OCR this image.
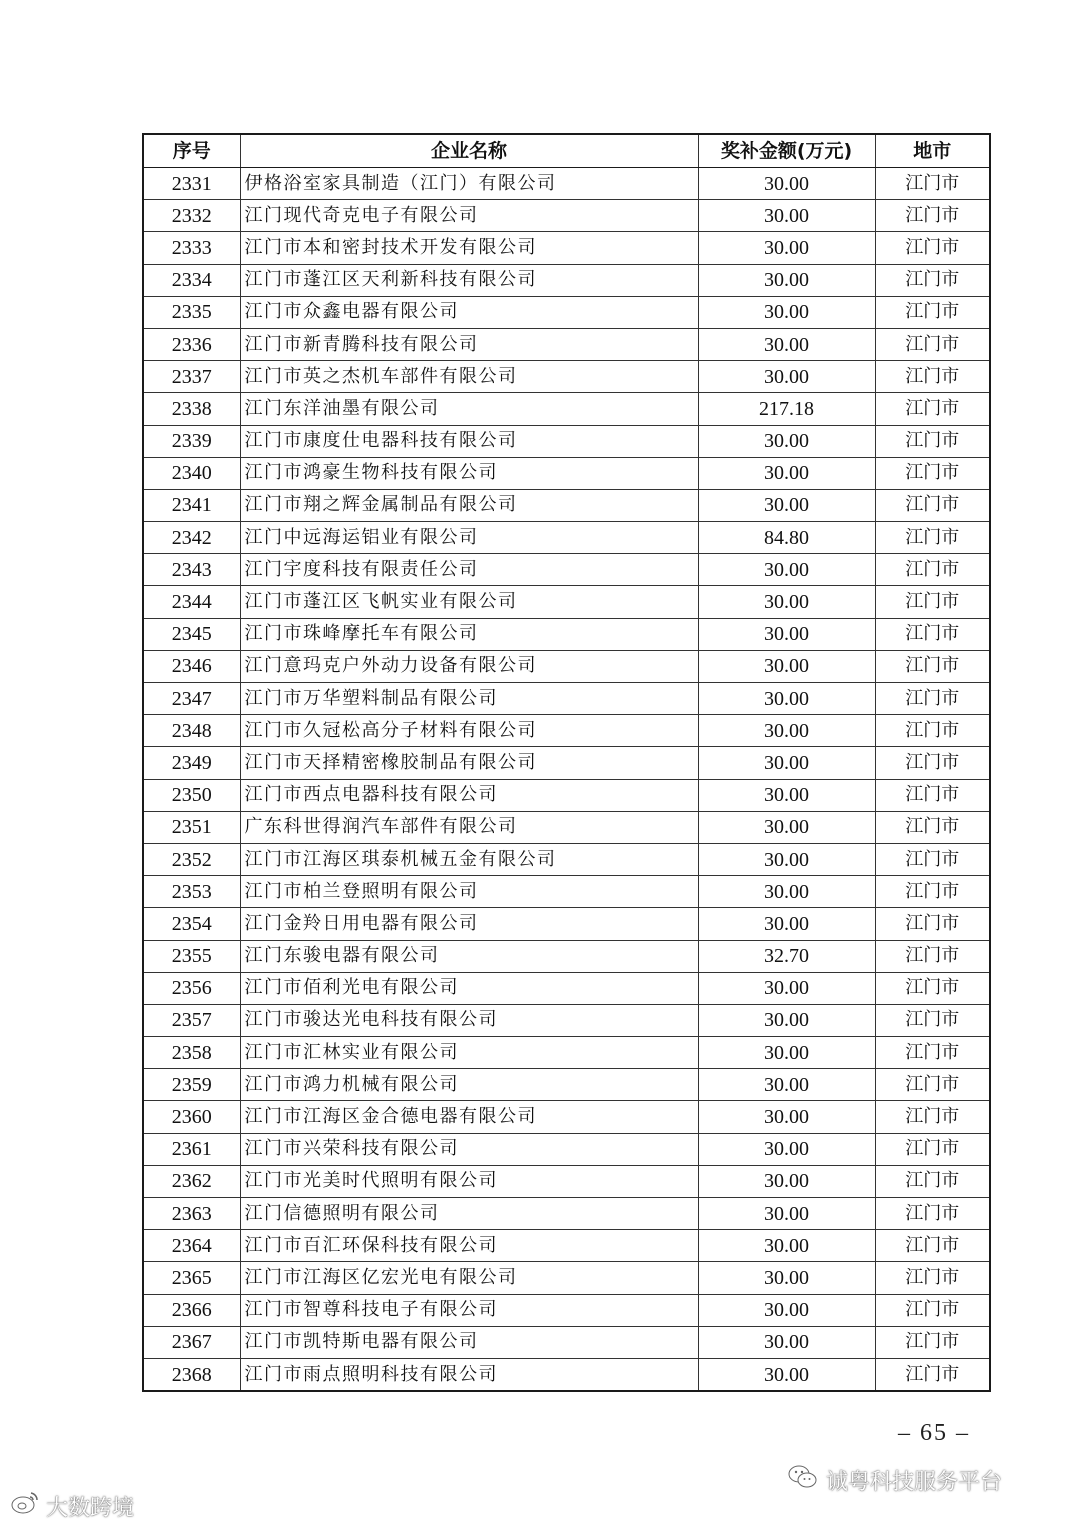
序号	企业名称	奖补金额(万元)	地市
2331	伊格浴室家具制造（江门）有限公司	30.00	江门市
2332	江门现代奇克电子有限公司	30.00	江门市
2333	江门市本和密封技术开发有限公司	30.00	江门市
2334	江门市蓬江区天利新科技有限公司	30.00	江门市
2335	江门市众鑫电器有限公司	30.00	江门市
2336	江门市新青腾科技有限公司	30.00	江门市
2337	江门市英之杰机车部件有限公司	30.00	江门市
2338	江门东洋油墨有限公司	217.18	江门市
2339	江门市康度仕电器科技有限公司	30.00	江门市
2340	江门市鸿豪生物科技有限公司	30.00	江门市
2341	江门市翔之辉金属制品有限公司	30.00	江门市
2342	江门中远海运铝业有限公司	84.80	江门市
2343	江门宇度科技有限责任公司	30.00	江门市
2344	江门市蓬江区飞帆实业有限公司	30.00	江门市
2345	江门市珠峰摩托车有限公司	30.00	江门市
2346	江门意玛克户外动力设备有限公司	30.00	江门市
2347	江门市万华塑料制品有限公司	30.00	江门市
2348	江门市久冠松高分子材料有限公司	30.00	江门市
2349	江门市天择精密橡胶制品有限公司	30.00	江门市
2350	江门市西点电器科技有限公司	30.00	江门市
2351	广东科世得润汽车部件有限公司	30.00	江门市
2352	江门市江海区琪泰机械五金有限公司	30.00	江门市
2353	江门市柏兰登照明有限公司	30.00	江门市
2354	江门金羚日用电器有限公司	30.00	江门市
2355	江门东骏电器有限公司	32.70	江门市
2356	江门市佰利光电有限公司	30.00	江门市
2357	江门市骏达光电科技有限公司	30.00	江门市
2358	江门市汇林实业有限公司	30.00	江门市
2359	江门市鸿力机械有限公司	30.00	江门市
2360	江门市江海区金合德电器有限公司	30.00	江门市
2361	江门市兴荣科技有限公司	30.00	江门市
2362	江门市光美时代照明有限公司	30.00	江门市
2363	江门信德照明有限公司	30.00	江门市
2364	江门市百汇环保科技有限公司	30.00	江门市
2365	江门市江海区亿宏光电有限公司	30.00	江门市
2366	江门市智尊科技电子有限公司	30.00	江门市
2367	江门市凯特斯电器有限公司	30.00	江门市
2368	江门市雨点照明科技有限公司	30.00	江门市
– 65 –
诚粤科技服务平台
大数跨境
